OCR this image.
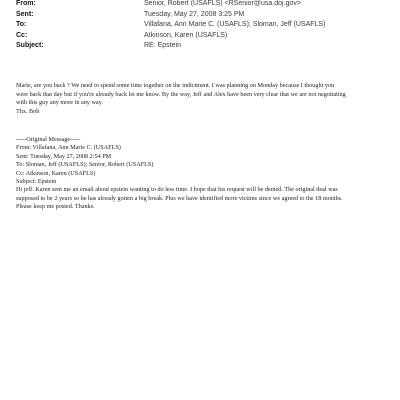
From:	Senior, Robert (USAFLS) <RSenior@usa.doj.gov>
Sent:	Tuesday, May 27, 2008 3:25 PM
To:	Villafana, Ann Marie C. (USAFLS); Sloman, Jeff (USAFLS)
Cc:	Atkinson, Karen (USAFLS)
Subject:	RE: Epstein

Marie, are you back ? We need to spend some time together on the indictment. I was planning on Monday because I thought you
were back that day but if you're already back let me know. By the way, Jeff and Alex have been very clear that we are not negotiating
with this guy any more in any way.

Thx. Bob

-----Original Message-----

From: Villafana, Ann Marie C. (USAFLS)
Sent: Tuesday, May 27, 2008 2:54 PM
To: Sloman, Jeff (USAFLS); Senior, Robert (USAFLS)
Cc: Atkinson, Karen (USAFLS)
Subject: Epstein

Hi jeff. Karen sent me an email about epstein wanting to do less time. I hope that his request will be denied. The original deal was
supposed to be 2 years so he has already gotten a big break. Plus we have identified more victims since we agreed to the 18 months.
Please keep me posted. Thanks.
